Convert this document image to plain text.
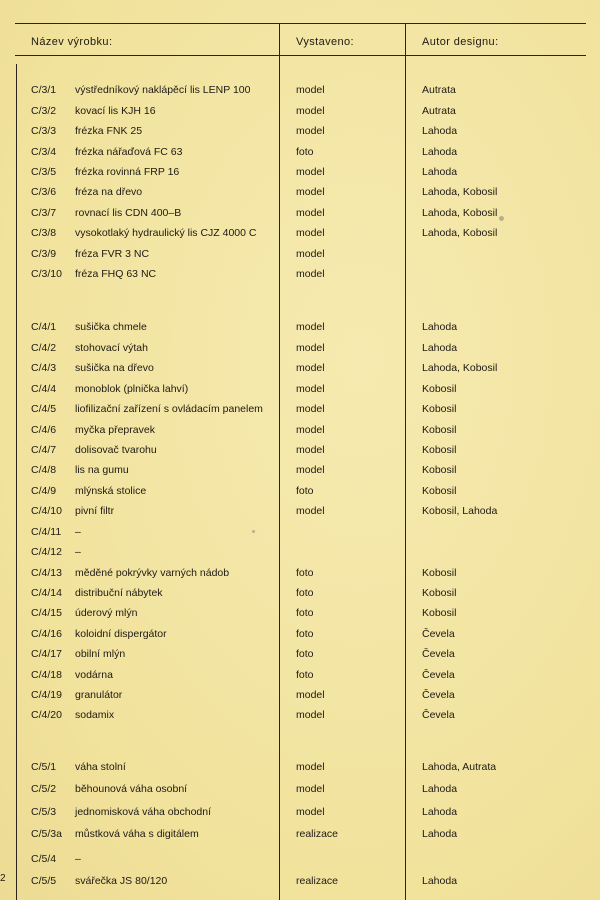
Název výrobku:	Vystaveno:	Autor designu:
C/3/1 výstředníkový naklápěcí lis LENP 100	model	Autrata
C/3/2 kovací lis KJH 16	model	Autrata
C/3/3 frézka FNK 25	model	Lahoda
C/3/4 frézka nářaďová FC 63	foto	Lahoda
C/3/5 frézka rovinná FRP 16	model	Lahoda
C/3/6 fréza na dřevo	model	Lahoda, Kobosil
C/3/7 rovnací lis CDN 400–B	model	Lahoda, Kobosil
C/3/8 vysokotlaký hydraulický lis CJZ 4000 C	model	Lahoda, Kobosil
C/3/9 fréza FVR 3 NC	model
C/3/10 fréza FHQ 63 NC	model
C/4/1 sušička chmele	model	Lahoda
C/4/2 stohovací výtah	model	Lahoda
C/4/3 sušička na dřevo	model	Lahoda, Kobosil
C/4/4 monoblok (plnička lahví)	model	Kobosil
C/4/5 liofilizační zařízení s ovládacím panelem	model	Kobosil
C/4/6 myčka přepravek	model	Kobosil
C/4/7 dolisovač tvarohu	model	Kobosil
C/4/8 lis na gumu	model	Kobosil
C/4/9 mlýnská stolice	foto	Kobosil
C/4/10 pivní filtr	model	Kobosil, Lahoda
C/4/11 –
C/4/12 –
C/4/13 měděné pokrývky varných nádob	foto	Kobosil
C/4/14 distribuční nábytek	foto	Kobosil
C/4/15 úderový mlýn	foto	Kobosil
C/4/16 koloidní dispergátor	foto	Čevela
C/4/17 obilní mlýn	foto	Čevela
C/4/18 vodárna	foto	Čevela
C/4/19 granulátor	model	Čevela
C/4/20 sodamix	model	Čevela
C/5/1 váha stolní	model	Lahoda, Autrata
C/5/2 běhounová váha osobní	model	Lahoda
C/5/3 jednomisková váha obchodní	model	Lahoda
C/5/3a můstková váha s digitálem	realizace	Lahoda
C/5/4 –
C/5/5 svářečka JS 80/120	realizace	Lahoda
2
